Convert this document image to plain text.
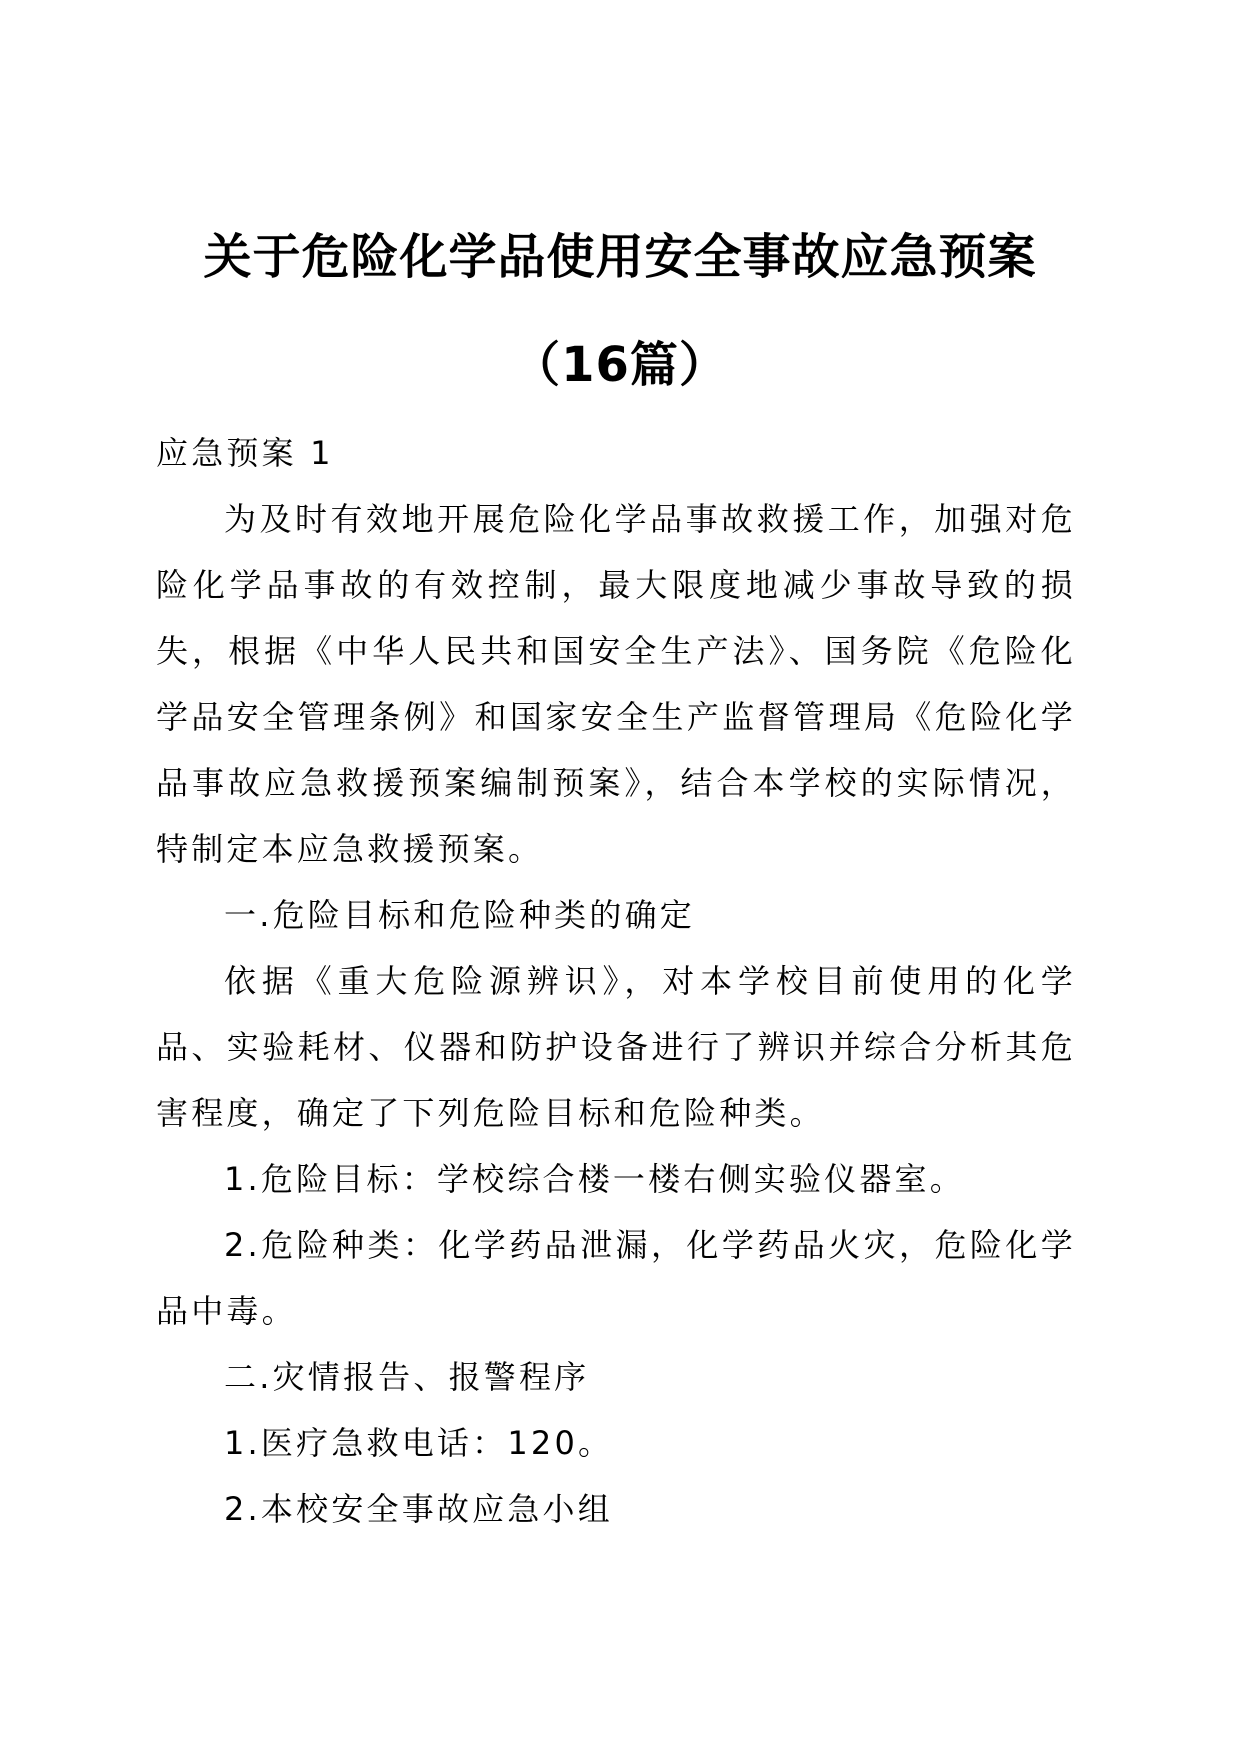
关于危险化学品使用安全事故应急预案
（16篇）

应急预案 1

为及时有效地开展危险化学品事故救援工作，加强对危险化学品事故的有效控制，最大限度地减少事故导致的损失，根据《中华人民共和国安全生产法》、国务院《危险化学品安全管理条例》和国家安全生产监督管理局《危险化学品事故应急救援预案编制预案》，结合本学校的实际情况，特制定本应急救援预案。

一.危险目标和危险种类的确定

依据《重大危险源辨识》，对本学校目前使用的化学品、实验耗材、仪器和防护设备进行了辨识并综合分析其危害程度，确定了下列危险目标和危险种类。

1.危险目标：学校综合楼一楼右侧实验仪器室。

2.危险种类：化学药品泄漏，化学药品火灾，危险化学品中毒。

二.灾情报告、报警程序

1.医疗急救电话：120。

2.本校安全事故应急小组
